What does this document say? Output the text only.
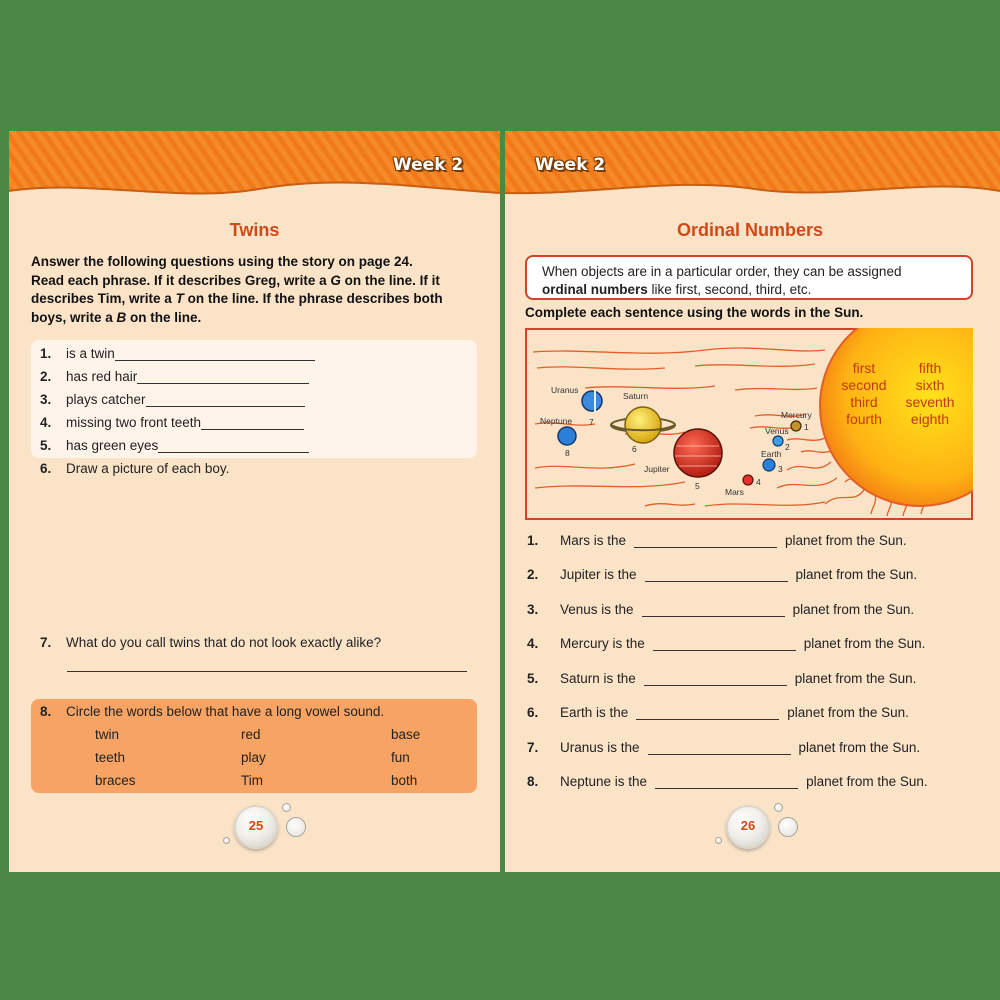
Week 2
Twins
Answer the following questions using the story on page 24.
Read each phrase. If it describes Greg, write a G on the line. If it
describes Tim, write a T on the line. If the phrase describes both
boys, write a B on the line.
1.	is a twin
2.	has red hair
3.	plays catcher
4.	missing two front teeth
5.	has green eyes
6.	Draw a picture of each boy.
7.	What do you call twins that do not look exactly alike?
8.	Circle the words below that have a long vowel sound.
twin	red	base
teeth	play	fun
braces	Tim	both
25
Week 2
Ordinal Numbers
When objects are in a particular order, they can be assigned
ordinal numbers like first, second, third, etc.
Complete each sentence using the words in the Sun.
first	fifth
second sixth
third seventh
fourth eighth
Uranus
Saturn
Neptune
Jupiter
Mercury
Venus
Earth
Mars
7
6
8
5
1
2
3
4
1.	Mars is the	planet from the Sun.
2.	Jupiter is the	planet from the Sun.
3.	Venus is the	planet from the Sun.
4.	Mercury is the	planet from the Sun.
5.	Saturn is the	planet from the Sun.
6.	Earth is the	planet from the Sun.
7.	Uranus is the	planet from the Sun.
8.	Neptune is the	planet from the Sun.
26
